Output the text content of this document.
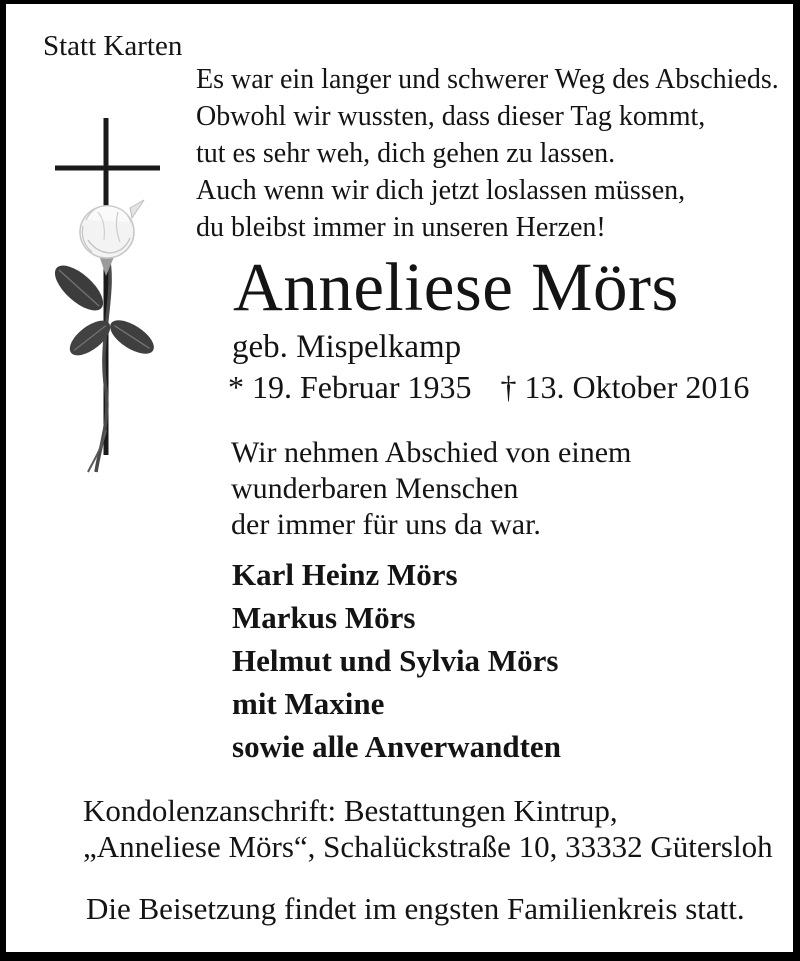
Statt Karten
Es war ein langer und schwerer Weg des Abschieds.
Obwohl wir wussten, dass dieser Tag kommt,
tut es sehr weh, dich gehen zu lassen.
Auch wenn wir dich jetzt loslassen müssen,
du bleibst immer in unseren Herzen!
Anneliese Mörs
geb. Mispelkamp
* 19. Februar 1935 † 13. Oktober 2016
Wir nehmen Abschied von einem
wunderbaren Menschen
der immer für uns da war.
Karl Heinz Mörs
Markus Mörs
Helmut und Sylvia Mörs
mit Maxine
sowie alle Anverwandten
Kondolenzanschrift: Bestattungen Kintrup,
„Anneliese Mörs“, Schalückstraße 10, 33332 Gütersloh
Die Beisetzung findet im engsten Familienkreis statt.
